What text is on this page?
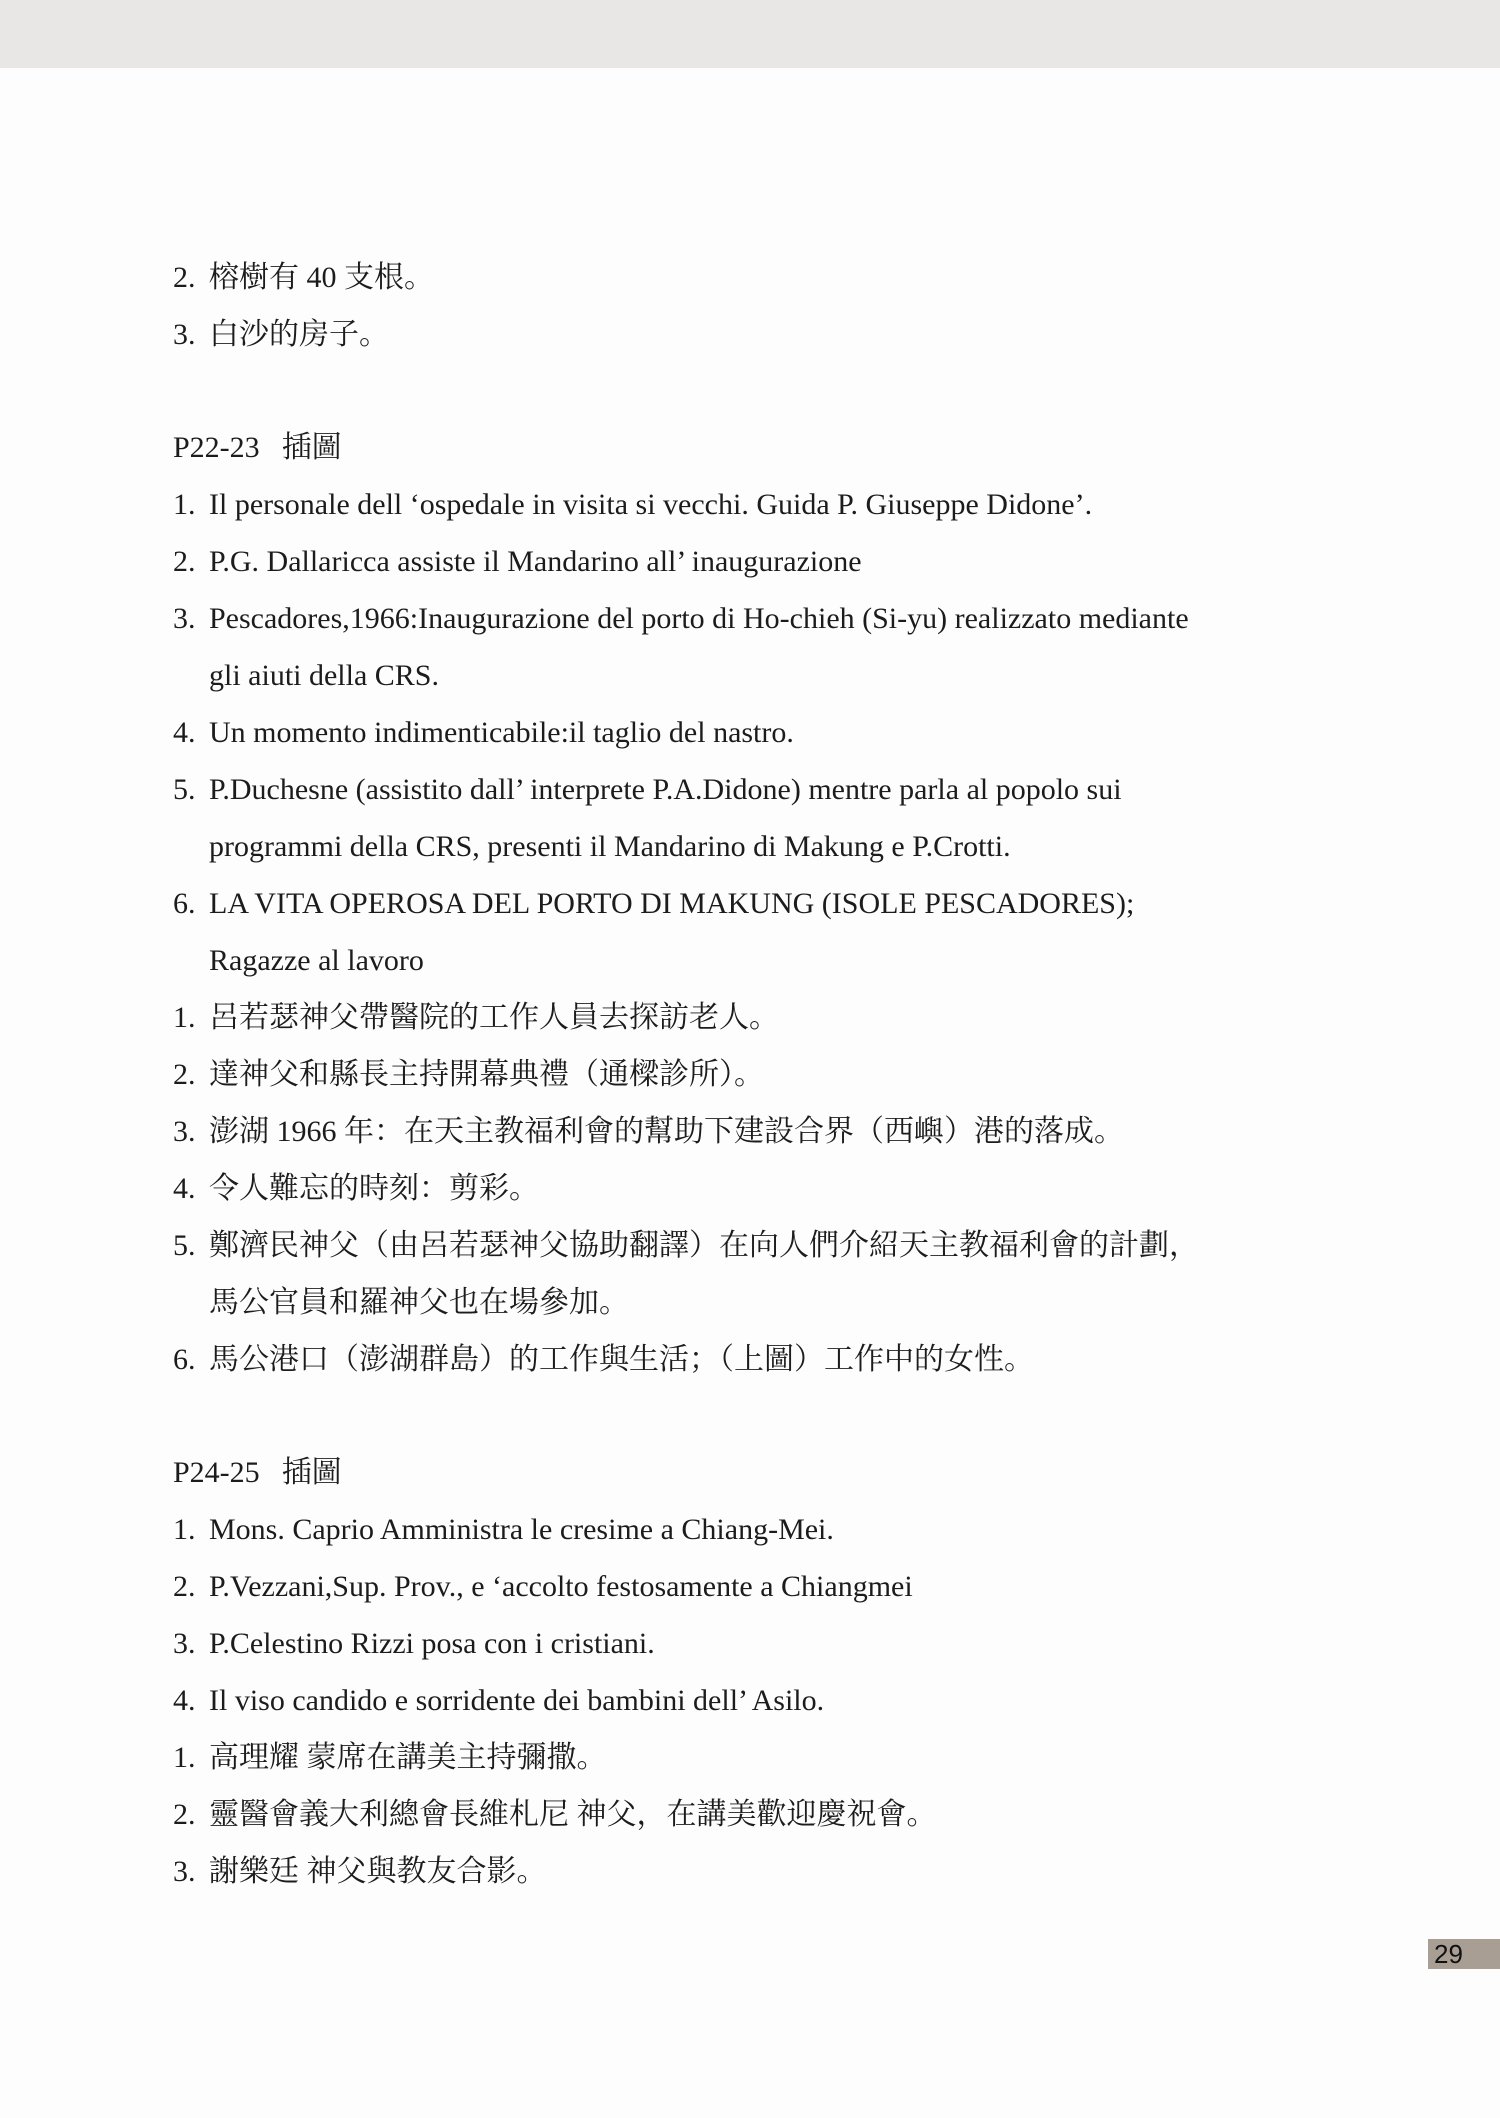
2. 榕樹有 40 支根。
3. 白沙的房子。
P22-23 插圖
1. Il personale dell ‘ospedale in visita si vecchi. Guida P. Giuseppe Didone’.
2. P.G. Dallaricca assiste il Mandarino all’ inaugurazione
3. Pescadores,1966:Inaugurazione del porto di Ho-chieh (Si-yu) realizzato mediante
gli aiuti della CRS.
4. Un momento indimenticabile:il taglio del nastro.
5. P.Duchesne (assistito dall’ interprete P.A.Didone) mentre parla al popolo sui
programmi della CRS, presenti il Mandarino di Makung e P.Crotti.
6. LA VITA OPEROSA DEL PORTO DI MAKUNG (ISOLE PESCADORES);
Ragazze al lavoro
1. 呂若瑟神父帶醫院的工作人員去探訪老人。
2. 達神父和縣長主持開幕典禮（通樑診所）。
3. 澎湖 1966 年：在天主教福利會的幫助下建設合界（西嶼）港的落成。
4. 令人難忘的時刻：剪彩。
5. 鄭濟民神父（由呂若瑟神父協助翻譯）在向人們介紹天主教福利會的計劃，
馬公官員和羅神父也在場參加。
6. 馬公港口（澎湖群島）的工作與生活；（上圖）工作中的女性。
P24-25 插圖
1. Mons. Caprio Amministra le cresime a Chiang-Mei.
2. P.Vezzani,Sup. Prov., e ‘accolto festosamente a Chiangmei
3. P.Celestino Rizzi posa con i cristiani.
4. Il viso candido e sorridente dei bambini dell’ Asilo.
1. 高理耀 蒙席在講美主持彌撒。
2. 靈醫會義大利總會長維札尼 神父，在講美歡迎慶祝會。
3. 謝樂廷 神父與教友合影。
29
